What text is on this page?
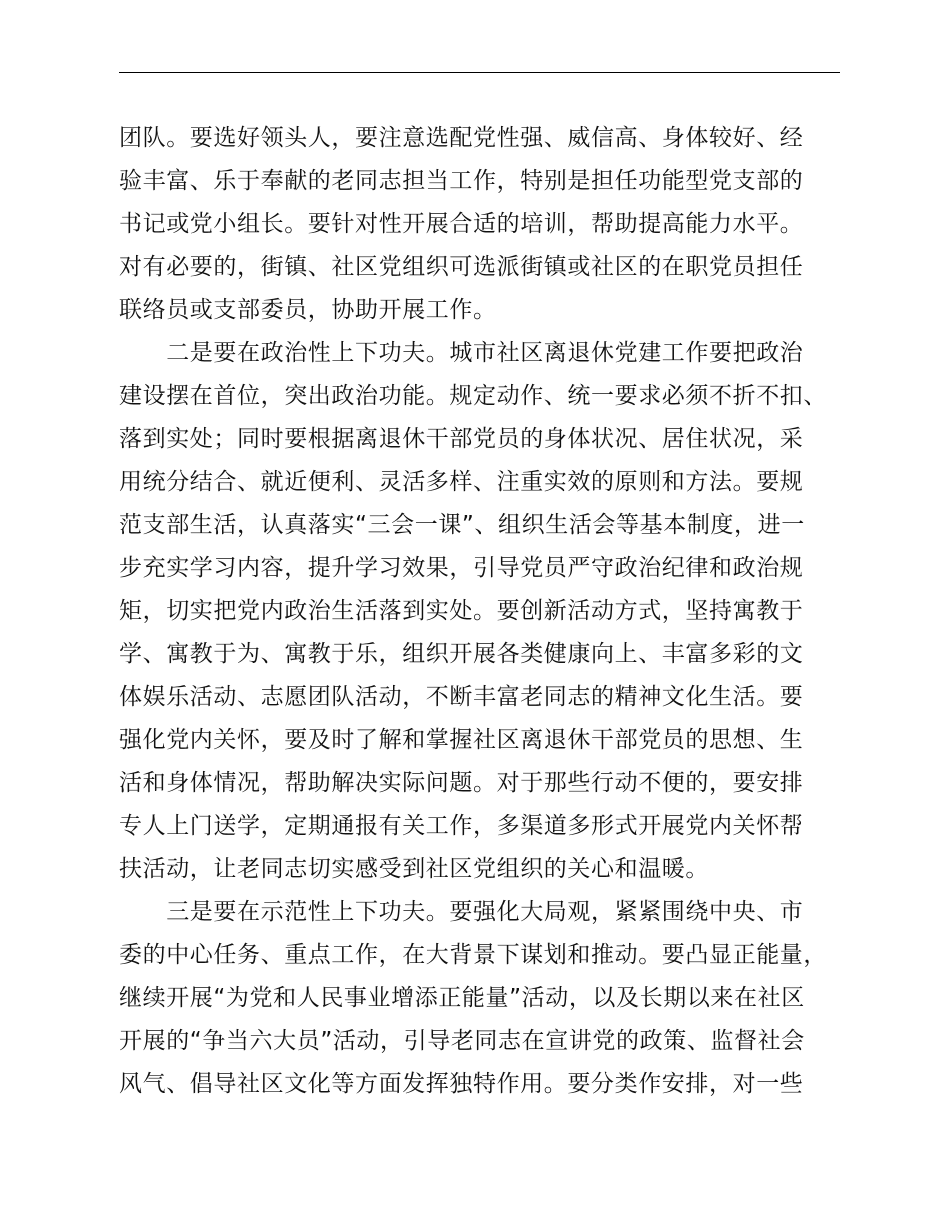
团队。要选好领头人，要注意选配党性强、威信高、身体较好、经
验丰富、乐于奉献的老同志担当工作，特别是担任功能型党支部的
书记或党小组长。要针对性开展合适的培训，帮助提高能力水平。
对有必要的，街镇、社区党组织可选派街镇或社区的在职党员担任
联络员或支部委员，协助开展工作。
　　二是要在政治性上下功夫。城市社区离退休党建工作要把政治
建设摆在首位，突出政治功能。规定动作、统一要求必须不折不扣、
落到实处；同时要根据离退休干部党员的身体状况、居住状况，采
用统分结合、就近便利、灵活多样、注重实效的原则和方法。要规
范支部生活，认真落实“三会一课”、组织生活会等基本制度，进一
步充实学习内容，提升学习效果，引导党员严守政治纪律和政治规
矩，切实把党内政治生活落到实处。要创新活动方式，坚持寓教于
学、寓教于为、寓教于乐，组织开展各类健康向上、丰富多彩的文
体娱乐活动、志愿团队活动，不断丰富老同志的精神文化生活。要
强化党内关怀，要及时了解和掌握社区离退休干部党员的思想、生
活和身体情况，帮助解决实际问题。对于那些行动不便的，要安排
专人上门送学，定期通报有关工作，多渠道多形式开展党内关怀帮
扶活动，让老同志切实感受到社区党组织的关心和温暖。
　　三是要在示范性上下功夫。要强化大局观，紧紧围绕中央、市
委的中心任务、重点工作，在大背景下谋划和推动。要凸显正能量，
继续开展“为党和人民事业增添正能量”活动，以及长期以来在社区
开展的“争当六大员”活动，引导老同志在宣讲党的政策、监督社会
风气、倡导社区文化等方面发挥独特作用。要分类作安排，对一些
